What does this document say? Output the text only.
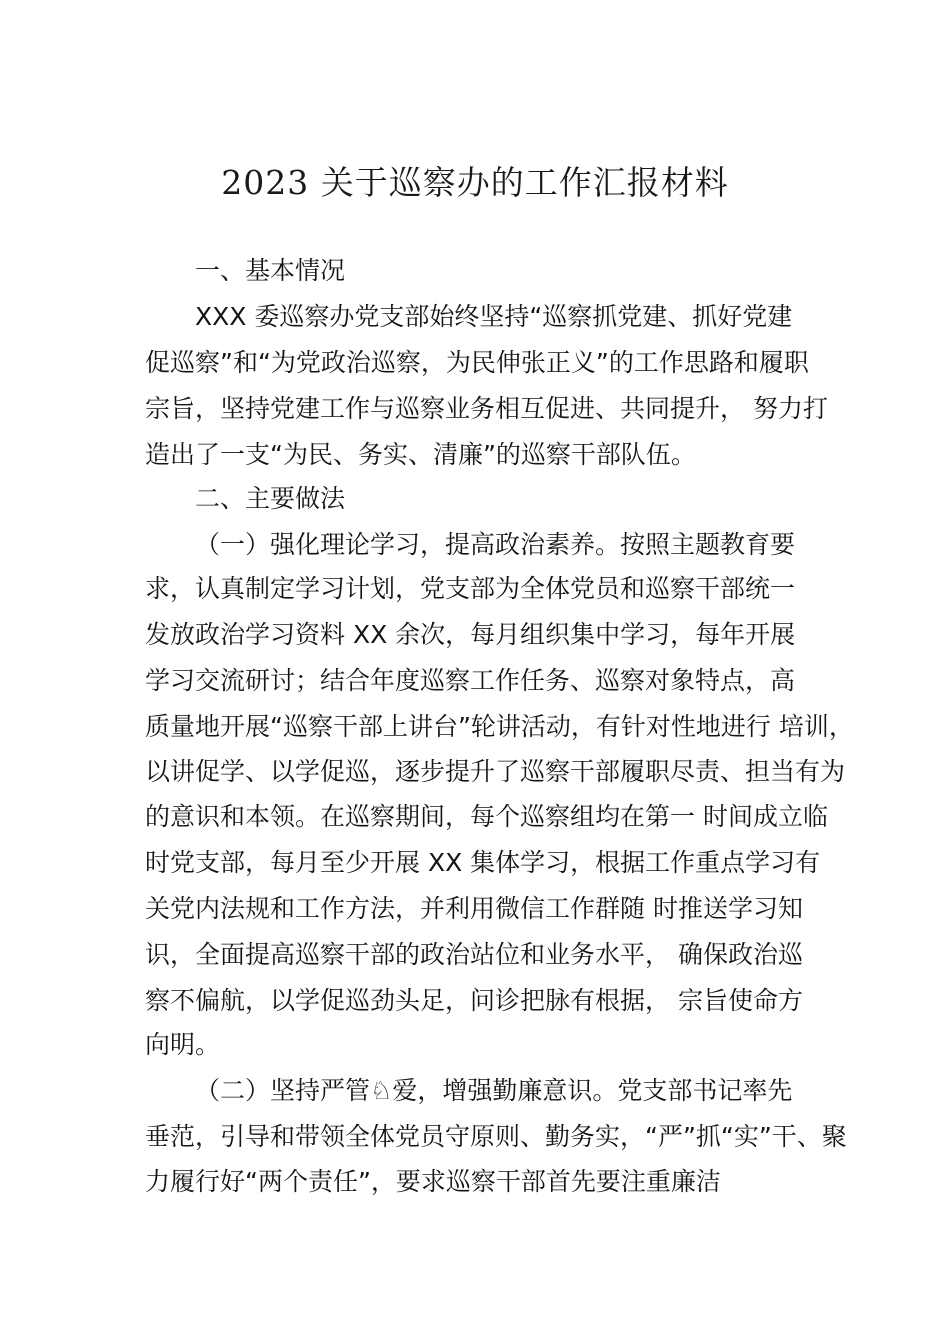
2023 关于巡察办的工作汇报材料
一、基本情况
XXX 委巡察办党支部始终坚持“巡察抓党建、抓好党建
促巡察”和“为党政治巡察，为民伸张正义”的工作思路和履职
宗旨，坚持党建工作与巡察业务相互促进、共同提升， 努力打
造出了一支“为民、务实、清廉”的巡察干部队伍。
二、主要做法
（一）强化理论学习，提高政治素养。按照主题教育要
求，认真制定学习计划，党支部为全体党员和巡察干部统一
发放政治学习资料 XX 余次，每月组织集中学习，每年开展
学习交流研讨；结合年度巡察工作任务、巡察对象特点，高
质量地开展“巡察干部上讲台”轮讲活动，有针对性地进行 培训，
以讲促学、以学促巡，逐步提升了巡察干部履职尽责、担当有为
的意识和本领。在巡察期间，每个巡察组均在第一 时间成立临
时党支部，每月至少开展 XX 集体学习，根据工作重点学习有
关党内法规和工作方法，并利用微信工作群随 时推送学习知
识，全面提高巡察干部的政治站位和业务水平， 确保政治巡
察不偏航，以学促巡劲头足，问诊把脉有根据， 宗旨使命方
向明。
（二）坚持严管♘爱，增强勤廉意识。党支部书记率先
垂范，引导和带领全体党员守原则、勤务实，“严”抓“实”干、聚
力履行好“两个责任”，要求巡察干部首先要注重廉洁
